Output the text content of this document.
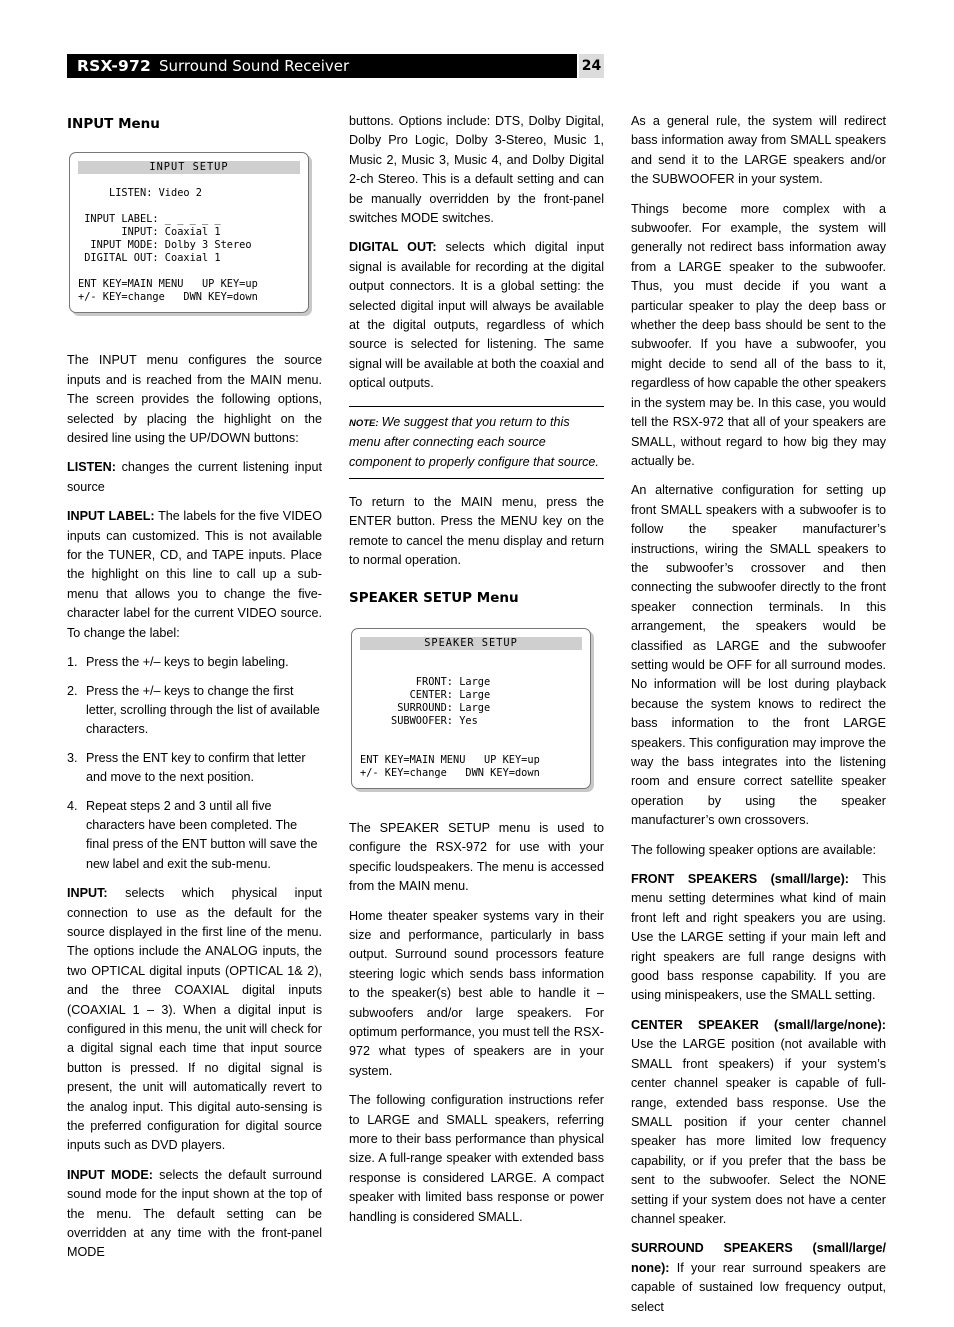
RSX-972 Surround Sound Receiver	24
INPUT Menu
INPUT SETUP
LISTEN: Video 2
INPUT LABEL: _ _ _ _ _
INPUT: Coaxial 1
INPUT MODE: Dolby 3 Stereo
DIGITAL OUT: Coaxial 1
ENT KEY=MAIN MENU   UP KEY=up
+/- KEY=change   DWN KEY=down

The INPUT menu configures the source inputs and is reached from the MAIN menu. The screen provides the following options, selected by placing the highlight on the desired line using the UP/DOWN buttons:

LISTEN: changes the current listening input source

INPUT LABEL: The labels for the five VIDEO inputs can customized. This is not available for the TUNER, CD, and TAPE inputs. Place the highlight on this line to call up a sub-menu that allows you to change the five-character label for the current VIDEO source. To change the label:

1. Press the +/– keys to begin labeling.
2. Press the +/– keys to change the first letter, scrolling through the list of available characters.
3. Press the ENT key to confirm that letter and move to the next position.
4. Repeat steps 2 and 3 until all five characters have been completed. The final press of the ENT button will save the new label and exit the sub-menu.

INPUT: selects which physical input connection to use as the default for the source displayed in the first line of the menu. The options include the ANALOG inputs, the two OPTICAL digital inputs (OPTICAL 1& 2), and the three COAXIAL digital inputs (COAXIAL 1 – 3). When a digital input is configured in this menu, the unit will check for a digital signal each time that input source button is pressed. If no digital signal is present, the unit will automatically revert to the analog input. This digital auto-sensing is the preferred configuration for digital source inputs such as DVD players.

INPUT MODE: selects the default surround sound mode for the input shown at the top of the menu. The default setting can be overridden at any time with the front-panel MODE

buttons. Options include: DTS, Dolby Digital, Dolby Pro Logic, Dolby 3-Stereo, Music 1, Music 2, Music 3, Music 4, and Dolby Digital 2-ch Stereo. This is a default setting and can be manually overridden by the front-panel switches MODE switches.

DIGITAL OUT: selects which digital input signal is available for recording at the digital output connectors. It is a global setting: the selected digital input will always be available at the digital outputs, regardless of which source is selected for listening. The same signal will be available at both the coaxial and optical outputs.

NOTE: We suggest that you return to this menu after connecting each source component to properly configure that source.

To return to the MAIN menu, press the ENTER button. Press the MENU key on the remote to cancel the menu display and return to normal operation.

SPEAKER SETUP Menu
SPEAKER SETUP
FRONT: Large
CENTER: Large
SURROUND: Large
SUBWOOFER: Yes
ENT KEY=MAIN MENU   UP KEY=up
+/- KEY=change   DWN KEY=down

The SPEAKER SETUP menu is used to configure the RSX-972 for use with your specific loudspeakers. The menu is accessed from the MAIN menu.

Home theater speaker systems vary in their size and performance, particularly in bass output. Surround sound processors feature steering logic which sends bass information to the speaker(s) best able to handle it – subwoofers and/or large speakers. For optimum performance, you must tell the RSX-972 what types of speakers are in your system.

The following configuration instructions refer to LARGE and SMALL speakers, referring more to their bass performance than physical size. A full-range speaker with extended bass response is considered LARGE. A compact speaker with limited bass response or power handling is considered SMALL.

As a general rule, the system will redirect bass information away from SMALL speakers and send it to the LARGE speakers and/or the SUBWOOFER in your system.

Things become more complex with a subwoofer. For example, the system will generally not redirect bass information away from a LARGE speaker to the subwoofer. Thus, you must decide if you want a particular speaker to play the deep bass or whether the deep bass should be sent to the subwoofer. If you have a subwoofer, you might decide to send all of the bass to it, regardless of how capable the other speakers in the system may be. In this case, you would tell the RSX-972 that all of your speakers are SMALL, without regard to how big they may actually be.

An alternative configuration for setting up front SMALL speakers with a subwoofer is to follow the speaker manufacturer’s instructions, wiring the SMALL speakers to the subwoofer’s crossover and then connecting the subwoofer directly to the front speaker connection terminals. In this arrangement, the speakers would be classified as LARGE and the subwoofer setting would be OFF for all surround modes. No information will be lost during playback because the system knows to redirect the bass information to the front LARGE speakers. This configuration may improve the way the bass integrates into the listening room and ensure correct satellite speaker operation by using the speaker manufacturer’s own crossovers.

The following speaker options are available:

FRONT SPEAKERS (small/large): This menu setting determines what kind of main front left and right speakers you are using. Use the LARGE setting if your main left and right speakers are full range designs with good bass response capability. If you are using minispeakers, use the SMALL setting.

CENTER SPEAKER (small/large/none): Use the LARGE position (not available with SMALL front speakers) if your system’s center channel speaker is capable of full-range, extended bass response. Use the SMALL position if your center channel speaker has more limited low frequency capability, or if you prefer that the bass be sent to the subwoofer. Select the NONE setting if your system does not have a center channel speaker.

SURROUND SPEAKERS (small/large/ none): If your rear surround speakers are capable of sustained low frequency output, select
